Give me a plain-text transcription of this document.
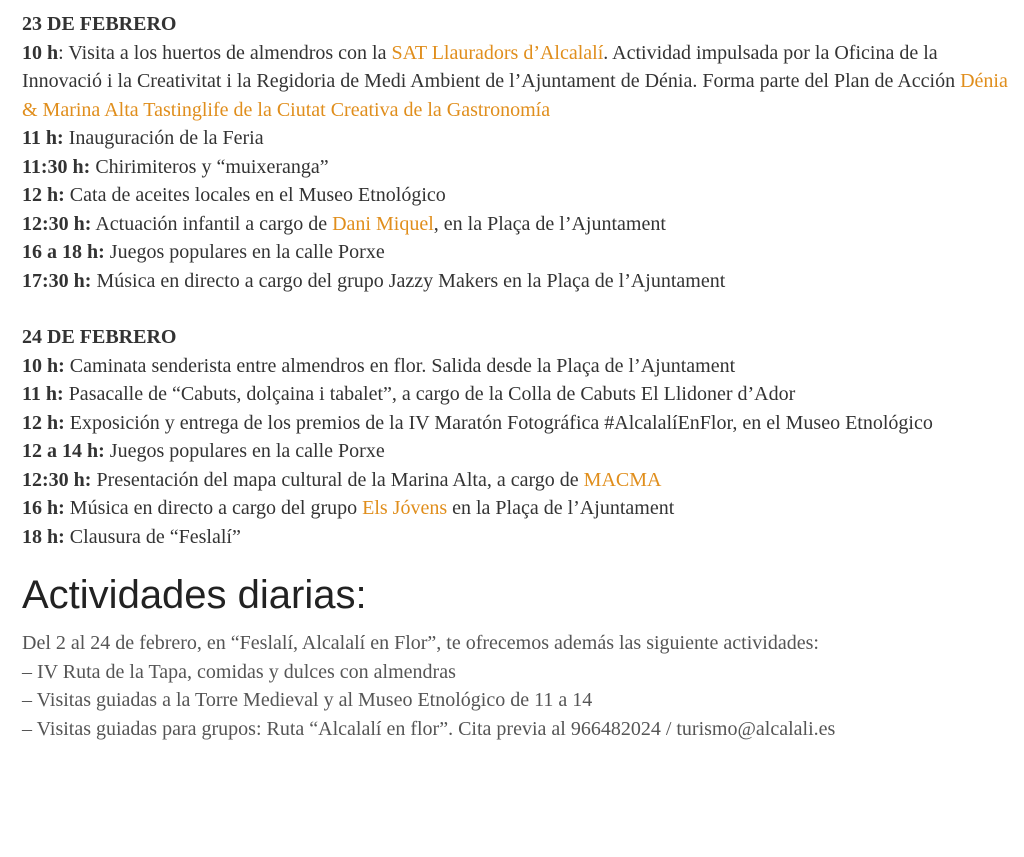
23 DE FEBRERO

10 h: Visita a los huertos de almendros con la SAT Llauradors d’Alcalalí. Actividad impulsada por la Oficina de la Innovació i la Creativitat i la Regidoria de Medi Ambient de l’Ajuntament de Dénia. Forma parte del Plan de Acción Dénia & Marina Alta Tastinglife de la Ciutat Creativa de la Gastronomía

11 h: Inauguración de la Feria

11:30 h: Chirimiteros y “muixeranga”

12 h: Cata de aceites locales en el Museo Etnológico

12:30 h: Actuación infantil a cargo de Dani Miquel, en la Plaça de l’Ajuntament

16 a 18 h: Juegos populares en la calle Porxe

17:30 h: Música en directo a cargo del grupo Jazzy Makers en la Plaça de l’Ajuntament

24 DE FEBRERO

10 h: Caminata senderista entre almendros en flor. Salida desde la Plaça de l’Ajuntament

11 h: Pasacalle de “Cabuts, dolçaina i tabalet”, a cargo de la Colla de Cabuts El Llidoner d’Ador

12 h: Exposición y entrega de los premios de la IV Maratón Fotográfica #AlcalalíEnFlor, en el Museo Etnológico

12 a 14 h: Juegos populares en la calle Porxe

12:30 h: Presentación del mapa cultural de la Marina Alta, a cargo de MACMA

16 h: Música en directo a cargo del grupo Els Jóvens en la Plaça de l’Ajuntament

18 h: Clausura de “Feslalí”

Actividades diarias:

Del 2 al 24 de febrero, en “Feslalí, Alcalalí en Flor”, te ofrecemos además las siguiente actividades:

– IV Ruta de la Tapa, comidas y dulces con almendras

– Visitas guiadas a la Torre Medieval y al Museo Etnológico de 11 a 14

– Visitas guiadas para grupos: Ruta “Alcalalí en flor”. Cita previa al 966482024 / turismo@alcalali.es
